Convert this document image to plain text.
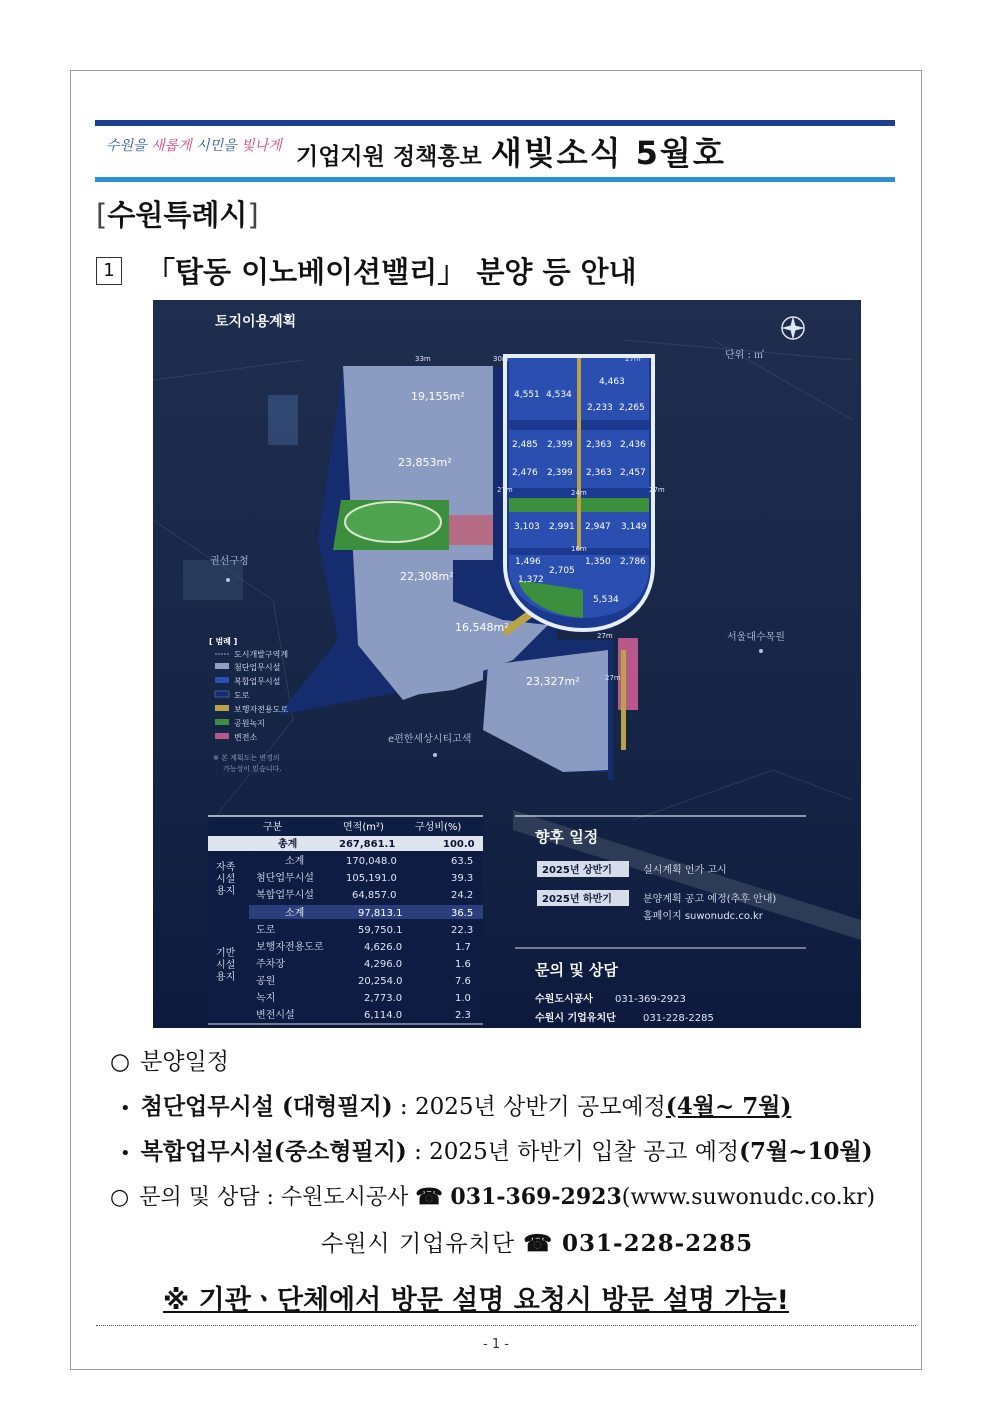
수원을 새롭게 시민을 빛나게 기업지원 정책홍보 새빛소식 5월호
[수원특례시]
1 「탑동 이노베이션밸리」 분양 등 안내
토지이용계획
단위 : ㎡
33m	30m	27m
24m
16m
27m
27m	27m
27m
19,155m²
23,853m²
22,308m²
16,548m²
23,327m²
4,551 4,534
4,463
2,233 2,265
2,485 2,399 2,363 2,436
2,476 2,399 2,363 2,457
3,103 2,991 2,947 3,149
1,496
1,372
2,705
1,350 2,786
5,534
권선구청
서울대수목원
e편한세상시티고색
[ 범례 ]
도시개발구역계
첨단업무시설
복합업무시설
도로
보행자전용도로
공원녹지
변전소
※ 본 계획도는 변경의
가능성이 있습니다.
구분	면적(m²)	구성비(%)
총계	267,861.1	100.0
자족
시설
용지
소계	170,048.0	63.5
첨단업무시설	105,191.0	39.3
복합업무시설	64,857.0	24.2
소계	97,813.1	36.5
기반
시설
용지
도로	59,750.1	22.3
보행자전용도로	4,626.0	1.7
주차장	4,296.0	1.6
공원	20,254.0	7.6
녹지	2,773.0	1.0
변전시설	6,114.0	2.3
향후 일정
2025년 상반기	실시계획 인가 고시
2025년 하반기	분양계획 공고 예정(추후 안내)
홈페이지 suwonudc.co.kr
문의 및 상담
수원도시공사 031-369-2923
수원시 기업유치단	031-228-2285
○ 분양일정
• 첨단업무시설 (대형필지) : 2025년 상반기 공모예정(4월~ 7월)
• 복합업무시설(중소형필지) : 2025년 하반기 입찰 공고 예정(7월~10월)
○ 문의 및 상담 : 수원도시공사 ☎ 031-369-2923(www.suwonudc.co.kr)
수원시 기업유치단 ☎ 031-228-2285
※ 기관ㆍ단체에서 방문 설명 요청시 방문 설명 가능!
- 1 -
